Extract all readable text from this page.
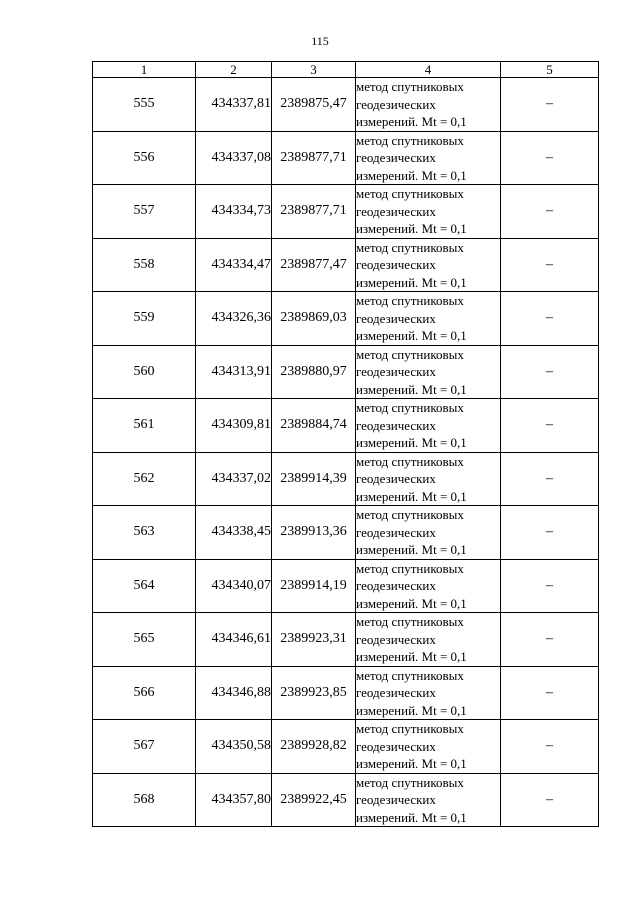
115
1	2	3	4	5
555	434337,81	2389875,47	метод спутниковых
геодезических
измерений. Mt = 0,1	–
556	434337,08	2389877,71	метод спутниковых
геодезических
измерений. Mt = 0,1	–
557	434334,73	2389877,71	метод спутниковых
геодезических
измерений. Mt = 0,1	–
558	434334,47	2389877,47	метод спутниковых
геодезических
измерений. Mt = 0,1	–
559	434326,36	2389869,03	метод спутниковых
геодезических
измерений. Mt = 0,1	–
560	434313,91	2389880,97	метод спутниковых
геодезических
измерений. Mt = 0,1	–
561	434309,81	2389884,74	метод спутниковых
геодезических
измерений. Mt = 0,1	–
562	434337,02	2389914,39	метод спутниковых
геодезических
измерений. Mt = 0,1	–
563	434338,45	2389913,36	метод спутниковых
геодезических
измерений. Mt = 0,1	–
564	434340,07	2389914,19	метод спутниковых
геодезических
измерений. Mt = 0,1	–
565	434346,61	2389923,31	метод спутниковых
геодезических
измерений. Mt = 0,1	–
566	434346,88	2389923,85	метод спутниковых
геодезических
измерений. Mt = 0,1	–
567	434350,58	2389928,82	метод спутниковых
геодезических
измерений. Mt = 0,1	–
568	434357,80	2389922,45	метод спутниковых
геодезических
измерений. Mt = 0,1	–
